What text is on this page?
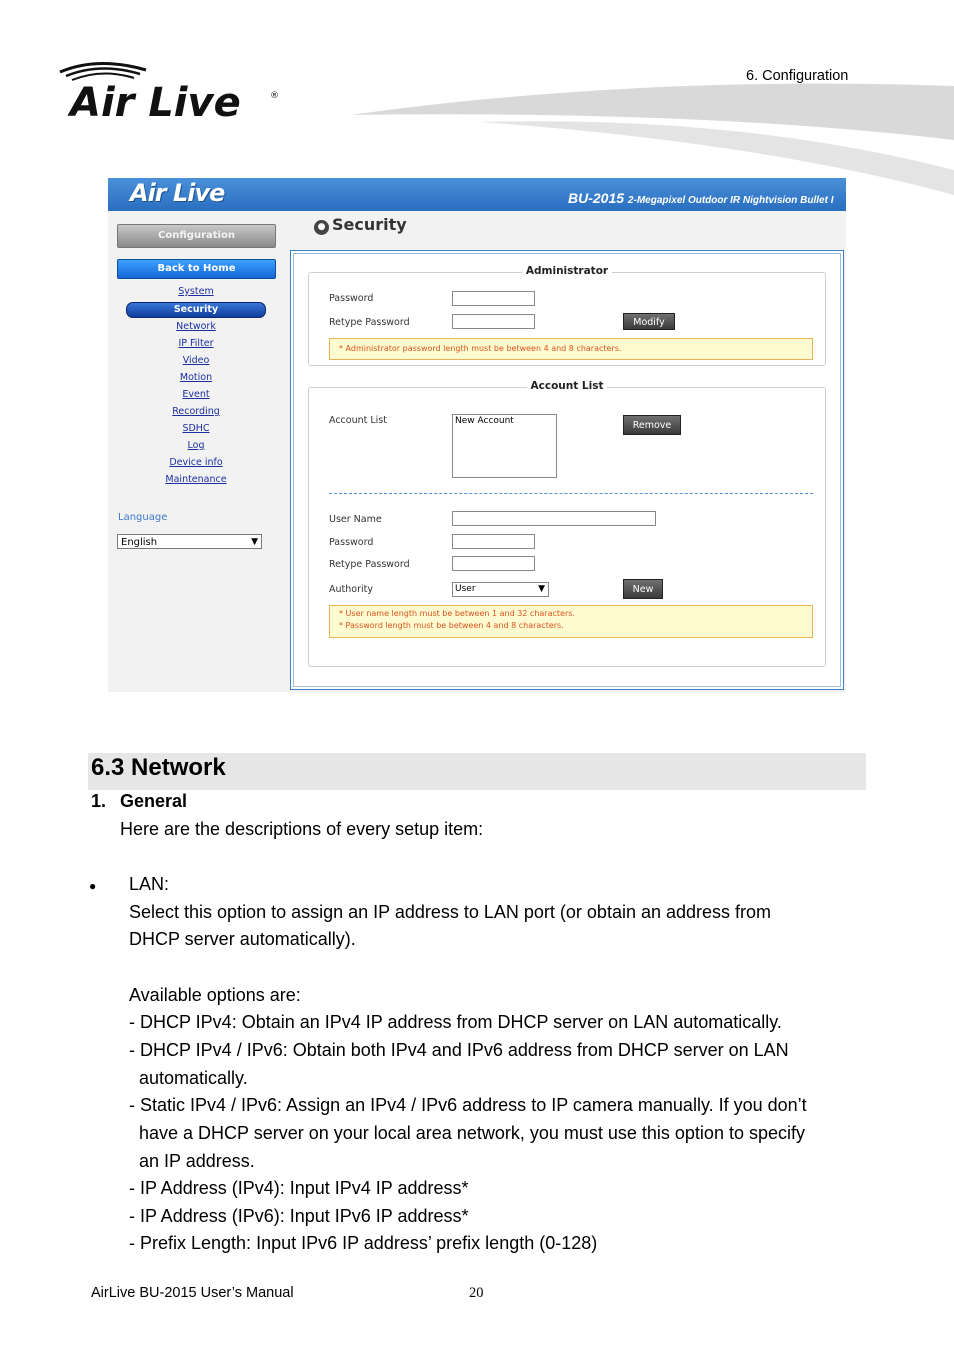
Air Live	®
6. Configuration
Air Live	BU-2015 2-Megapixel Outdoor IR Nightvision Bullet I
Configuration
Back to Home
System
Security
Network
IP Filter
Video
Motion
Event
Recording
SDHC
Log
Device info
Maintenance
Language
English	▼
● Security
Administrator
Password
Retype Password	Modify
* Administrator password length must be between 4 and 8 characters.
Account List
Account List	New Account	Remove
User Name
Password
Retype Password
Authority	User	▼	New
* User name length must be between 1 and 32 characters.
* Password length must be between 4 and 8 characters.
6.3 Network
1. General
Here are the descriptions of every setup item:
● LAN:
Select this option to assign an IP address to LAN port (or obtain an address from
DHCP server automatically).
Available options are:
- DHCP IPv4: Obtain an IPv4 IP address from DHCP server on LAN automatically.
- DHCP IPv4 / IPv6: Obtain both IPv4 and IPv6 address from DHCP server on LAN
automatically.
- Static IPv4 / IPv6: Assign an IPv4 / IPv6 address to IP camera manually. If you don’t
have a DHCP server on your local area network, you must use this option to specify
an IP address.
- IP Address (IPv4): Input IPv4 IP address*
- IP Address (IPv6): Input IPv6 IP address*
- Prefix Length: Input IPv6 IP address’ prefix length (0‐128)
AirLive BU-2015 User’s Manual	20
